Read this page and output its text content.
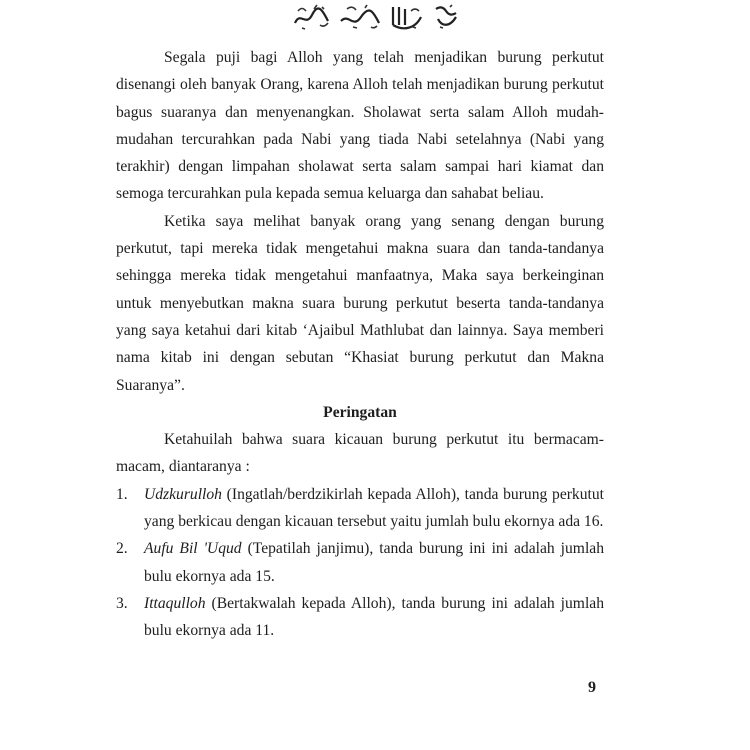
Segala puji bagi Alloh yang telah menjadikan burung perkutut disenangi oleh banyak Orang, karena Alloh telah menjadikan burung perkutut bagus suaranya dan menyenangkan. Sholawat serta salam Alloh mudah-mudahan tercurahkan pada Nabi yang tiada Nabi setelahnya (Nabi yang terakhir) dengan limpahan sholawat serta salam sampai hari kiamat dan semoga tercurahkan pula kepada semua keluarga dan sahabat beliau.

Ketika saya melihat banyak orang yang senang dengan burung perkutut, tapi mereka tidak mengetahui makna suara dan tanda-tandanya sehingga mereka tidak mengetahui manfaatnya, Maka saya berkeinginan untuk menyebutkan makna suara burung perkutut beserta tanda-tandanya yang saya ketahui dari kitab ‘Ajaibul Mathlubat dan lainnya. Saya memberi nama kitab ini dengan sebutan “Khasiat burung perkutut dan Makna Suaranya”.

Peringatan

Ketahuilah bahwa suara kicauan burung perkutut itu bermacam-macam, diantaranya :

1. Udzkurulloh (Ingatlah/berdzikirlah kepada Alloh), tanda burung perkutut yang berkicau dengan kicauan tersebut yaitu jumlah bulu ekornya ada 16.
2. Aufu Bil 'Uqud (Tepatilah janjimu), tanda burung ini ini adalah jumlah bulu ekornya ada 15.
3. Ittaqulloh (Bertakwalah kepada Alloh), tanda burung ini adalah jumlah bulu ekornya ada 11.
9
